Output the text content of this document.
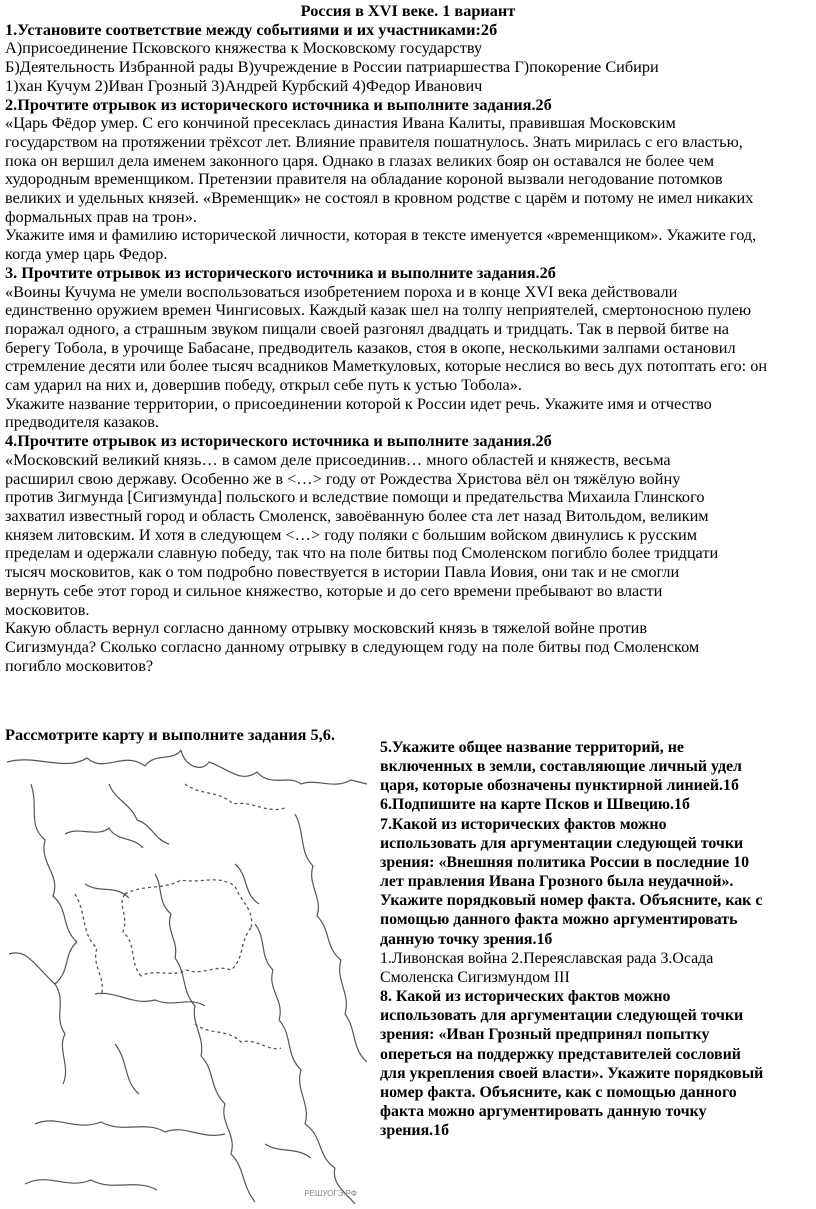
Россия в XVI веке. 1 вариант
1.Установите соответствие между событиями и их участниками:2б
А)присоединение Псковского княжества к Московскому государству
Б)Деятельность Избранной рады В)учреждение в России патриаршества Г)покорение Сибири
1)хан Кучум 2)Иван Грозный 3)Андрей Курбский 4)Федор Иванович
2.Прочтите отрывок из исторического источника и выполните задания.2б
«Царь Фёдор умер. С его кончиной пресеклась династия Ивана Калиты, правившая Московским
государством на протяжении трёхсот лет. Влияние правителя пошатнулось. Знать мирилась с его властью,
пока он вершил дела именем законного царя. Однако в глазах великих бояр он оставался не более чем
худородным временщиком. Претензии правителя на обладание короной вызвали негодование потомков
великих и удельных князей. «Временщик» не состоял в кровном родстве с царём и потому не имел никаких
формальных прав на трон».
Укажите имя и фамилию исторической личности, которая в тексте именуется «временщиком». Укажите год,
когда умер царь Федор.
3. Прочтите отрывок из исторического источника и выполните задания.2б
«Воины Кучума не умели воспользоваться изобретением пороха и в конце XVI века действовали
единственно оружием времен Чингисовых. Каждый казак шел на толпу неприятелей, смертоносною пулею
поражал одного, а страшным звуком пищали своей разгонял двадцать и тридцать. Так в первой битве на
берегу Тобола, в урочище Бабасане, предводитель казаков, стоя в окопе, несколькими залпами остановил
стремление десяти или более тысяч всадников Маметкуловых, которые неслися во весь дух потоптать его: он
сам ударил на них и, довершив победу, открыл себе путь к устью Тобола».
Укажите название территории, о присоединении которой к России идет речь. Укажите имя и отчество
предводителя казаков.
4.Прочтите отрывок из исторического источника и выполните задания.2б
«Московский великий князь… в самом деле присоединив… много областей и княжеств, весьма
расширил свою державу. Особенно же в <…> году от Рождества Христова вёл он тяжёлую войну
против Зигмунда [Сигизмунда] польского и вследствие помощи и предательства Михаила Глинского
захватил известный город и область Смоленск, завоёванную более ста лет назад Витольдом, великим
князем литовским. И хотя в следующем <…> году поляки с большим войском двинулись к русским
пределам и одержали славную победу, так что на поле битвы под Смоленском погибло более тридцати
тысяч московитов, как о том подробно повествуется в истории Павла Иовия, они так и не смогли
вернуть себе этот город и сильное княжество, которые и до сего времени пребывают во власти
московитов.
Какую область вернул согласно данному отрывку московский князь в тяжелой войне против
Сигизмунда? Сколько согласно данному отрывку в следующем году на поле битвы под Смоленском
погибло московитов?
Рассмотрите карту и выполните задания 5,6.
РЕШУОГЭ.РФ
5.Укажите общее название территорий, не
включенных в земли, составляющие личный удел
царя, которые обозначены пунктирной линией.1б
6.Подпишите на карте Псков и Швецию.1б
7.Какой из исторических фактов можно
использовать для аргументации следующей точки
зрения: «Внешняя политика России в последние 10
лет правления Ивана Грозного была неудачной».
Укажите порядковый номер факта. Объясните, как с
помощью данного факта можно аргументировать
данную точку зрения.1б
1.Ливонская война 2.Переяславская рада 3.Осада
Смоленска Сигизмундом III
8. Какой из исторических фактов можно
использовать для аргументации следующей точки
зрения: «Иван Грозный предпринял попытку
опереться на поддержку представителей сословий
для укрепления своей власти». Укажите порядковый
номер факта. Объясните, как с помощью данного
факта можно аргументировать данную точку
зрения.1б
